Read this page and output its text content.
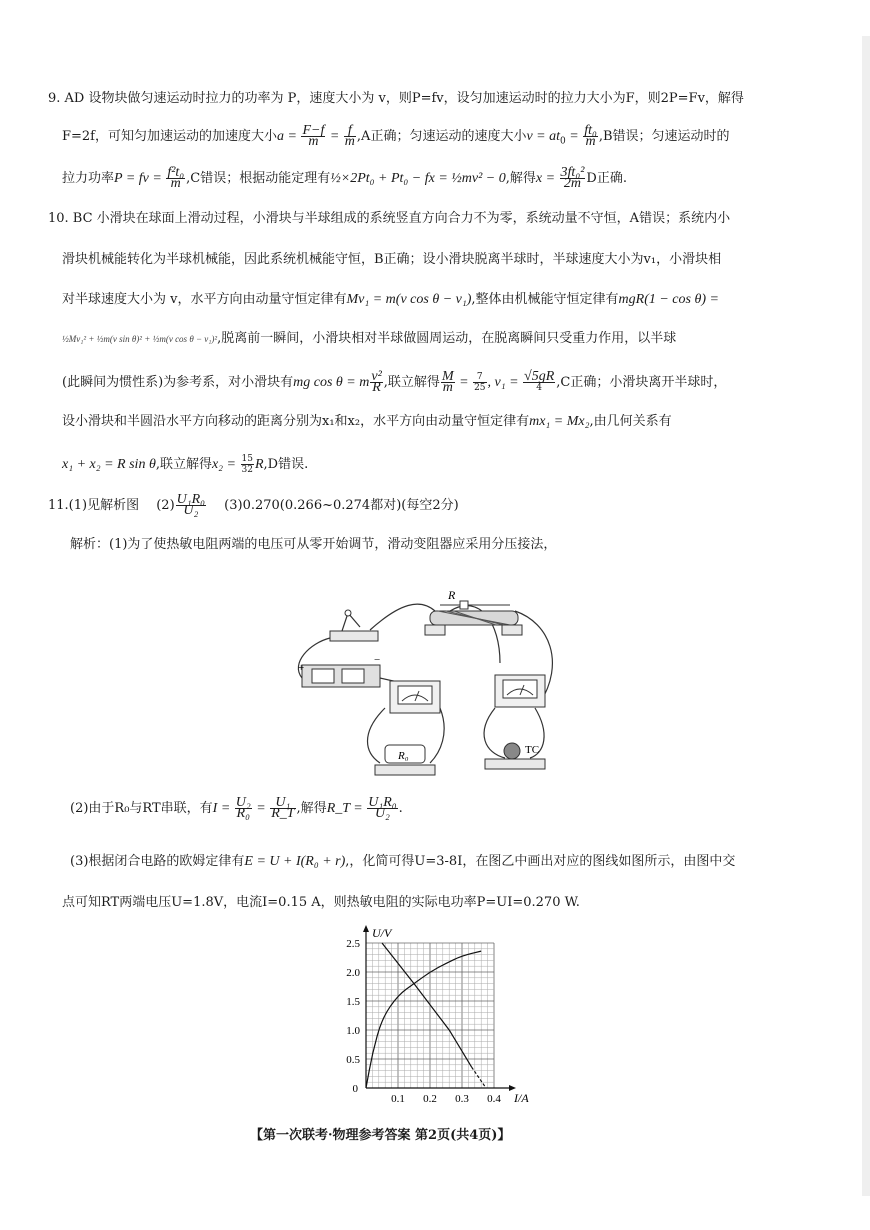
9. AD 设物块做匀速运动时拉力的功率为 P，速度大小为 v，则P=fv，设匀加速运动时的拉力大小为F，则2P=Fv，解得
F=2f，可知匀加速运动的加速度大小$a = \frac{F-f}{m} = \frac{f}{m} ,A$正确；匀速运动的速度大小$v = at_0 = \frac{\text{ft₀}}{m} ,B$错误；匀速运动时的
拉力功率P = fv = $\frac{\text{f²t₀}}{m} ,C$错误；根据动能定理有½×2Pt₀ + Pt₀ − fx = ½mv² − 0,解得$x = \frac{\text{3ft₀²}}{2m}$ D正确.
10. BC 小滑块在球面上滑动过程，小滑块与半球组成的系统竖直方向合力不为零，系统动量不守恒，A错误；系统内小
滑块机械能转化为半球机械能，因此系统机械能守恒，B正确；设小滑块脱离半球时，半球速度大小为v₁，小滑块相
对半球速度大小为 v，水平方向由动量守恒定律有Mv₁ = m(v cos θ − v₁),整体由机械能守恒定律有mgR(1 − cos θ) =
½Mv₁² + ½m(v sin θ)² + ½m(v cos θ − v₁)²,脱离前一瞬间，小滑块相对半球做圆周运动，在脱离瞬间只受重力作用，以半球
(此瞬间为惯性系)为参考系，对小滑块有mg cos θ = m $\frac{\text{v²}}{R}$ ,联立解得 $\frac{M}{m} = \frac{7}{25}$ , $v_1 = \frac{√5gR}{4} ,C$正确；小滑块离开半球时，
设小滑块和半圆沿水平方向移动的距离分别为x₁和x₂，水平方向由动量守恒定律有mx₁ = Mx₂,由几何关系有
x₁ + x₂ = R sin θ,联立解得$x_2 = \frac{15}{32} R,D$错误.
11.(1)见解析图　 $(2) \frac{\text{U₁R₀}}{\text{U₂}}$ 　 (3)0.270(0.266~0.274都对)(每空2分)
解析：(1)为了使热敏电阻两端的电压可从零开始调节，滑动变阻器应采用分压接法，
+
−
R
R₀	TC
(2)由于R₀与RT串联，有$I = \frac{\text{U₂}}{\text{R₀}} = \frac{\text{U₁}}{R\_T}$ ,解得R_T = $\frac{\text{U₁R₀}}{\text{U₂}}$ .
(3)根据闭合电路的欧姆定律有E = U + I(R₀ + r),，化简可得U=3-8I，在图乙中画出对应的图线如图所示，由图中交
点可知RT两端电压U=1.8V，电流I=0.15 A，则热敏电阻的实际电功率P=UI=0.270 W.
0.1 0.2 0.3 0.4
0.5
1.0
1.5
2.0
2.5
0
I/A
U/V
【第一次联考·物理参考答案 第2页(共4页)】
